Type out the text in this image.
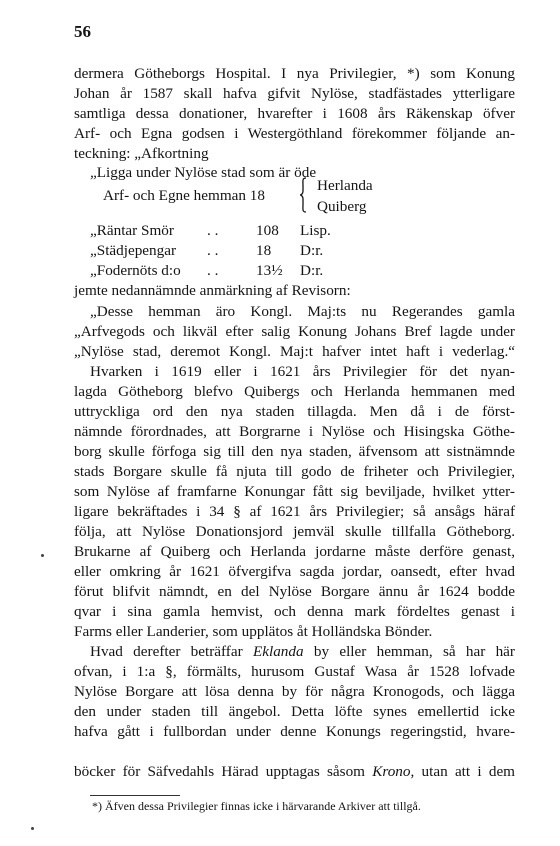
56
dermera Götheborgs Hospital. I nya Privilegier, *) som Konung
Johan år 1587 skall hafva gifvit Nylöse, stadfästades ytterligare
samtliga dessa donationer, hvarefter i 1608 års Räkenskap öfver
Arf- och Egna godsen i Westergöthland förekommer följande an-
teckning: „Afkortning
„Ligga under Nylöse stad som är öde
Arf- och Egne hemman 18
Herlanda
Quiberg
„Räntar Smör . . 108 Lisp.
„Städjepengar . . 18 D:r.
„Fodernöts d:o . . 13½ D:r.
jemte nedannämnde anmärkning af Revisorn:
„Desse hemman äro Kongl. Maj:ts nu Regerandes gamla
„Arfvegods och likväl efter salig Konung Johans Bref lagde under
„Nylöse stad, deremot Kongl. Maj:t hafver intet haft i vederlag.“
Hvarken i 1619 eller i 1621 års Privilegier för det nyan-
lagda Götheborg blefvo Quibergs och Herlanda hemmanen med
uttryckliga ord den nya staden tillagda. Men då i de först-
nämnde förordnades, att Borgrarne i Nylöse och Hisingska Göthe-
borg skulle förfoga sig till den nya staden, äfvensom att sistnämnde
stads Borgare skulle få njuta till godo de friheter och Privilegier,
som Nylöse af framfarne Konungar fått sig beviljade, hvilket ytter-
ligare bekräftades i 34 § af 1621 års Privilegier; så ansågs häraf
följa, att Nylöse Donationsjord jemväl skulle tillfalla Götheborg.
Brukarne af Quiberg och Herlanda jordarne måste derföre genast,
eller omkring år 1621 öfvergifva sagda jordar, oansedt, efter hvad
förut blifvit nämndt, en del Nylöse Borgare ännu år 1624 bodde
qvar i sina gamla hemvist, och denna mark fördeltes genast i
Farms eller Landerier, som upplätos åt Holländska Bönder.
Hvad derefter beträffar Eklanda by eller hemman, så har här
ofvan, i 1:a §, förmälts, hurusom Gustaf Wasa år 1528 lofvade
Nylöse Borgare att lösa denna by för några Kronogods, och lägga
den under staden till ängebol. Detta löfte synes emellertid icke
hafva gått i fullbordan under denne Konungs regeringstid, hvare-
böcker för Säfvedahls Härad upptagas såsom Krono, utan att i dem
*) Äfven dessa Privilegier finnas icke i härvarande Arkiver att tillgå.
